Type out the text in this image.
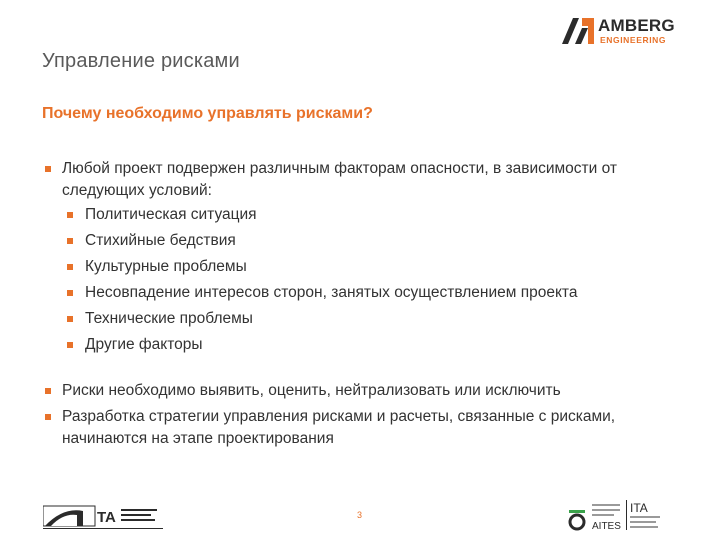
AMBERG
ENGINEERING
Управление рисками
Почему необходимо управлять рисками?
Любой проект подвержен различным факторам опасности, в зависимости от следующих условий:
Политическая ситуация
Стихийные бедствия
Культурные проблемы
Несовпадение интересов сторон, занятых осуществлением проекта
Технические проблемы
Другие факторы
Риски необходимо выявить, оценить, нейтрализовать или исключить
Разработка стратегии управления рисками и расчеты, связанные с рисками, начинаются на этапе проектирования
TA	3
AITES
ITA
